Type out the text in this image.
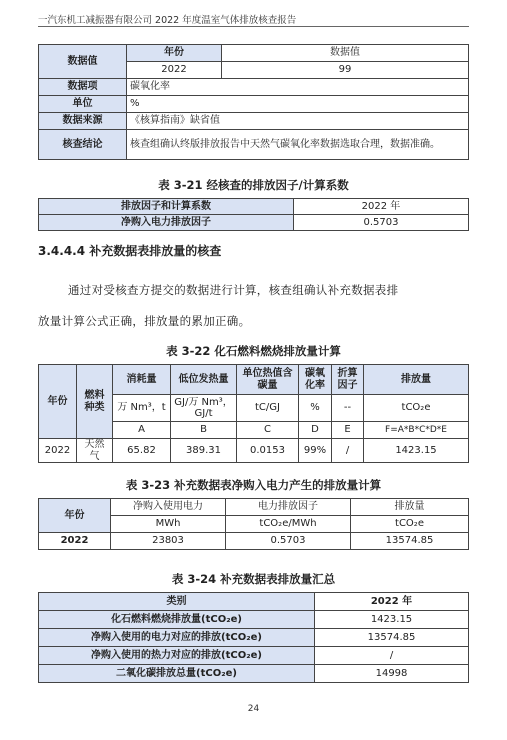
一汽东机工减振器有限公司 2022 年度温室气体排放核查报告
数据值	年份	数据值
	2022	99
数据项	碳氧化率	
单位	%	
数据来源	《核算指南》缺省值	
核查结论	核查组确认终版排放报告中天然气碳氧化率数据选取合理，数据准确。	
表 3-21 经核查的排放因子/计算系数
排放因子和计算系数	2022 年
净购入电力排放因子	0.5703
3.4.4.4 补充数据表排放量的核查
通过对受核查方提交的数据进行计算，核查组确认补充数据表排
放量计算公式正确，排放量的累加正确。
表 3-22 化石燃料燃烧排放量计算
年份	燃料种类	消耗量	低位发热量	单位热值含碳量	碳氧化率	折算因子	排放量
		万 Nm³，t	GJ/万 Nm³，GJ/t	tC/GJ	%	--	tCO₂e
		A	B	C	D	E	F=A*B*C*D*E
2022	天然气	65.82	389.31	0.0153	99%	/	1423.15
表 3-23 补充数据表净购入电力产生的排放量计算
年份	净购入使用电力	电力排放因子	排放量
	MWh	tCO₂e/MWh	tCO₂e
2022	23803	0.5703	13574.85
表 3-24 补充数据表排放量汇总
类别	2022 年
化石燃料燃烧排放量(tCO₂e)	1423.15
净购入使用的电力对应的排放(tCO₂e)	13574.85
净购入使用的热力对应的排放(tCO₂e)	/
二氧化碳排放总量(tCO₂e)	14998
24
